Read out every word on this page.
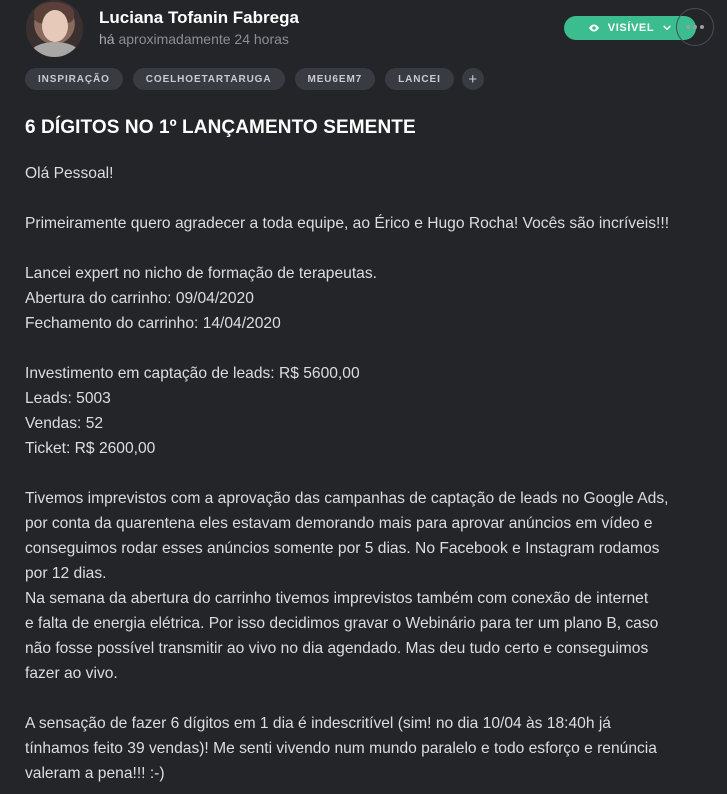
Luciana Tofanin Fabrega
há aproximadamente 24 horas
VISÍVEL
INSPIRAÇÃO	COELHOETARTARUGA	MEU6EM7	LANCEI	+
6 DÍGITOS NO 1º LANÇAMENTO SEMENTE
Olá Pessoal!
Primeiramente quero agradecer a toda equipe, ao Érico e Hugo Rocha! Vocês são incríveis!!!
Lancei expert no nicho de formação de terapeutas.
Abertura do carrinho: 09/04/2020
Fechamento do carrinho: 14/04/2020
Investimento em captação de leads: R$ 5600,00
Leads: 5003
Vendas: 52
Ticket: R$ 2600,00
Tivemos imprevistos com a aprovação das campanhas de captação de leads no Google Ads,
por conta da quarentena eles estavam demorando mais para aprovar anúncios em vídeo e
conseguimos rodar esses anúncios somente por 5 dias. No Facebook e Instagram rodamos
por 12 dias.
Na semana da abertura do carrinho tivemos imprevistos também com conexão de internet
e falta de energia elétrica. Por isso decidimos gravar o Webinário para ter um plano B, caso
não fosse possível transmitir ao vivo no dia agendado. Mas deu tudo certo e conseguimos
fazer ao vivo.
A sensação de fazer 6 dígitos em 1 dia é indescritível (sim! no dia 10/04 às 18:40h já
tínhamos feito 39 vendas)! Me senti vivendo num mundo paralelo e todo esforço e renúncia
valeram a pena!!! :-)
